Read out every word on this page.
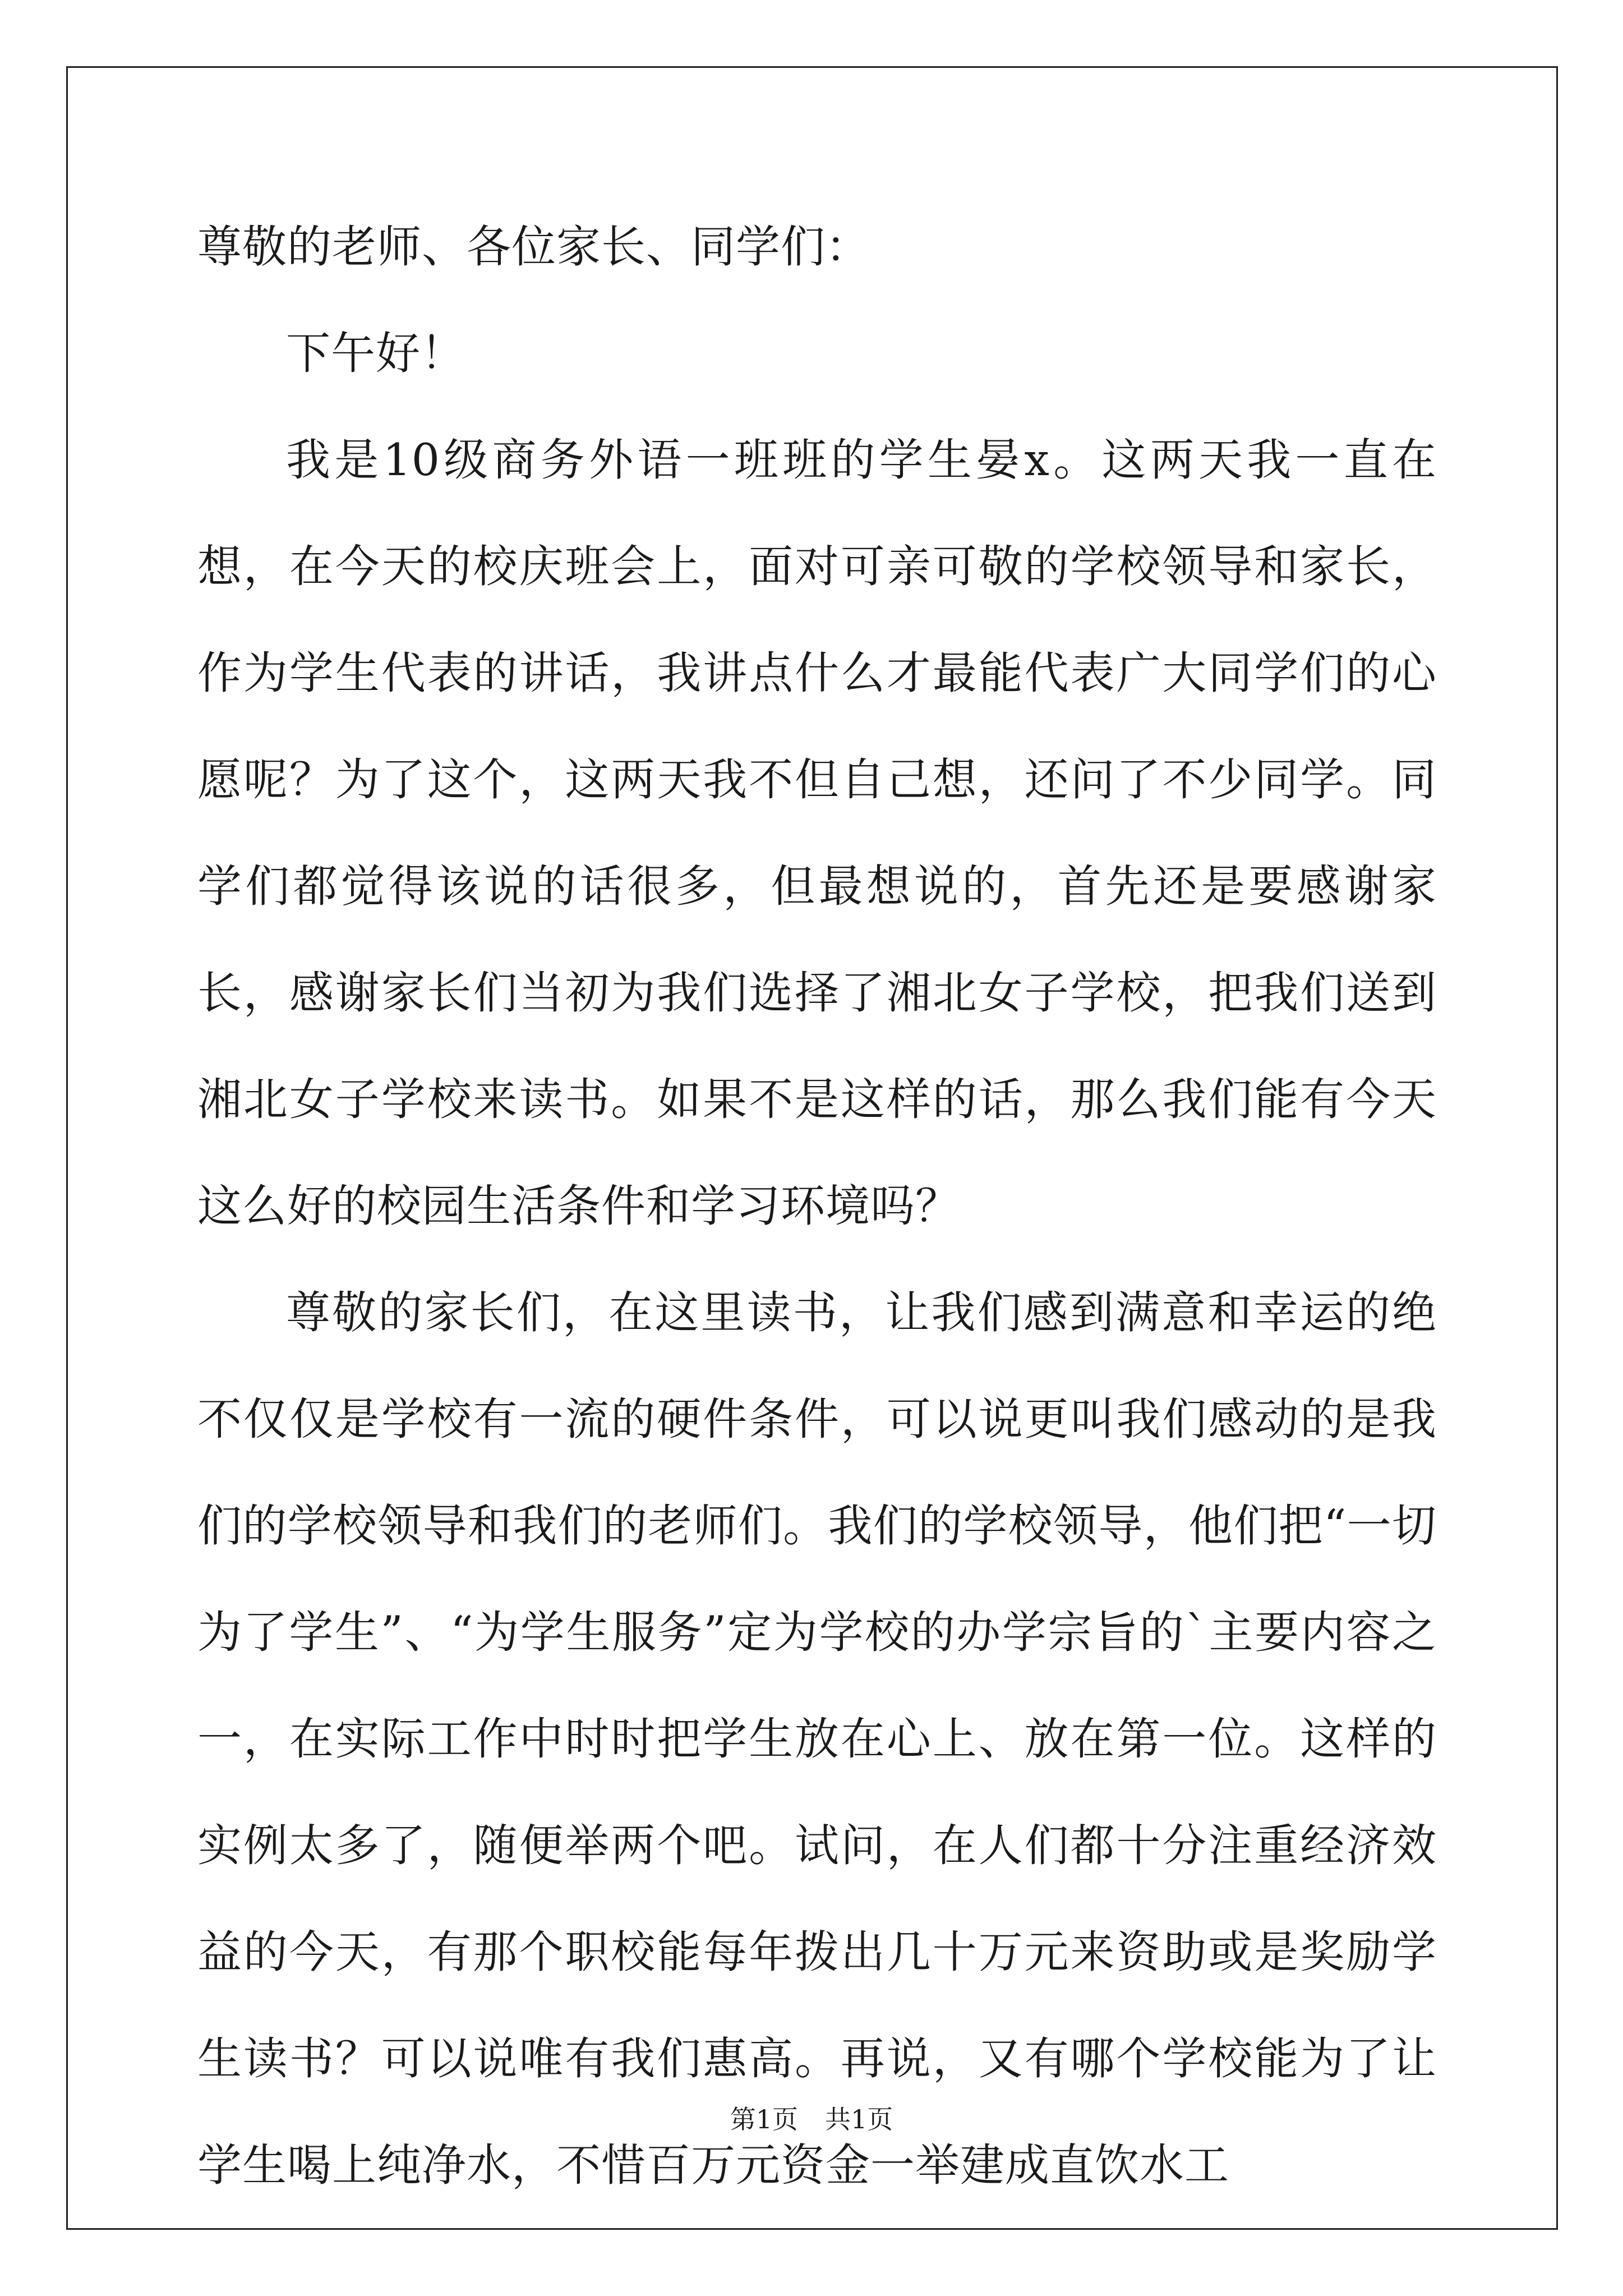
尊敬的老师、各位家长、同学们：

下午好！

我是10级商务外语一班班的学生晏x。这两天我一直在想，在今天的校庆班会上，面对可亲可敬的学校领导和家长，作为学生代表的讲话，我讲点什么才最能代表广大同学们的心愿呢？为了这个，这两天我不但自己想，还问了不少同学。同学们都觉得该说的话很多，但最想说的，首先还是要感谢家长，感谢家长们当初为我们选择了湘北女子学校，把我们送到湘北女子学校来读书。如果不是这样的话，那么我们能有今天这么好的校园生活条件和学习环境吗？

尊敬的家长们，在这里读书，让我们感到满意和幸运的绝不仅仅是学校有一流的硬件条件，可以说更叫我们感动的是我们的学校领导和我们的老师们。我们的学校领导，他们把“一切为了学生”、“为学生服务”定为学校的办学宗旨的`主要内容之一，在实际工作中时时把学生放在心上、放在第一位。这样的实例太多了，随便举两个吧。试问，在人们都十分注重经济效益的今天，有那个职校能每年拨出几十万元来资助或是奖励学生读书？可以说唯有我们惠高。再说，又有哪个学校能为了让学生喝上纯净水，不惜百万元资金一举建成直饮水工

第1页 共1页
